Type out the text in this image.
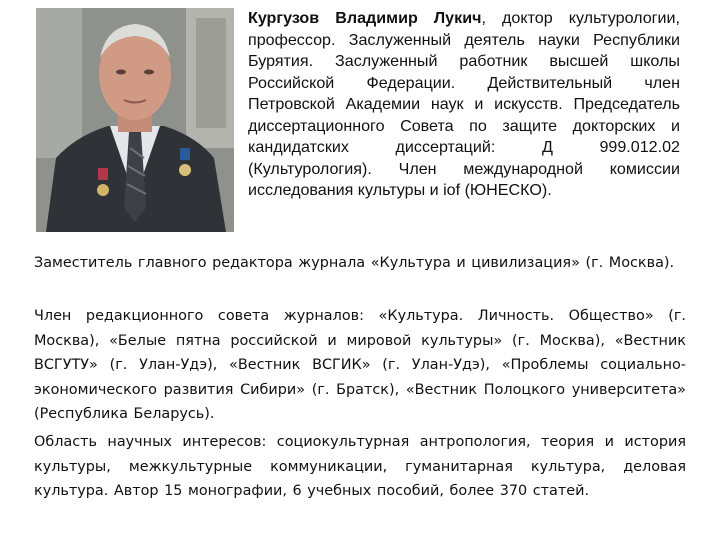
Кургузов Владимир Лукич, доктор культурологии, профессор. Заслуженный деятель науки Республики Бурятия. Заслуженный работник высшей школы Российской Федерации. Действительный член Петровской Академии наук и искусств. Председатель диссертационного Совета по защите докторских и кандидатских диссертаций: Д 999.012.02 (Культурология). Член международной комиссии исследования культуры и iof (ЮНЕСКО).

Заместитель главного редактора журнала «Культура и цивилизация» (г. Москва).

Член редакционного совета журналов: «Культура. Личность. Общество» (г. Москва), «Белые пятна российской и мировой культуры» (г. Москва), «Вестник ВСГУТУ» (г. Улан-Удэ), «Вестник ВСГИК» (г. Улан-Удэ), «Проблемы социально-экономического развития Сибири» (г. Братск), «Вестник Полоцкого университета» (Республика Беларусь).

Область научных интересов: социокультурная антропология, теория и история культуры, межкультурные коммуникации, гуманитарная культура, деловая культура. Автор 15 монографии, 6 учебных пособий, более 370 статей.
